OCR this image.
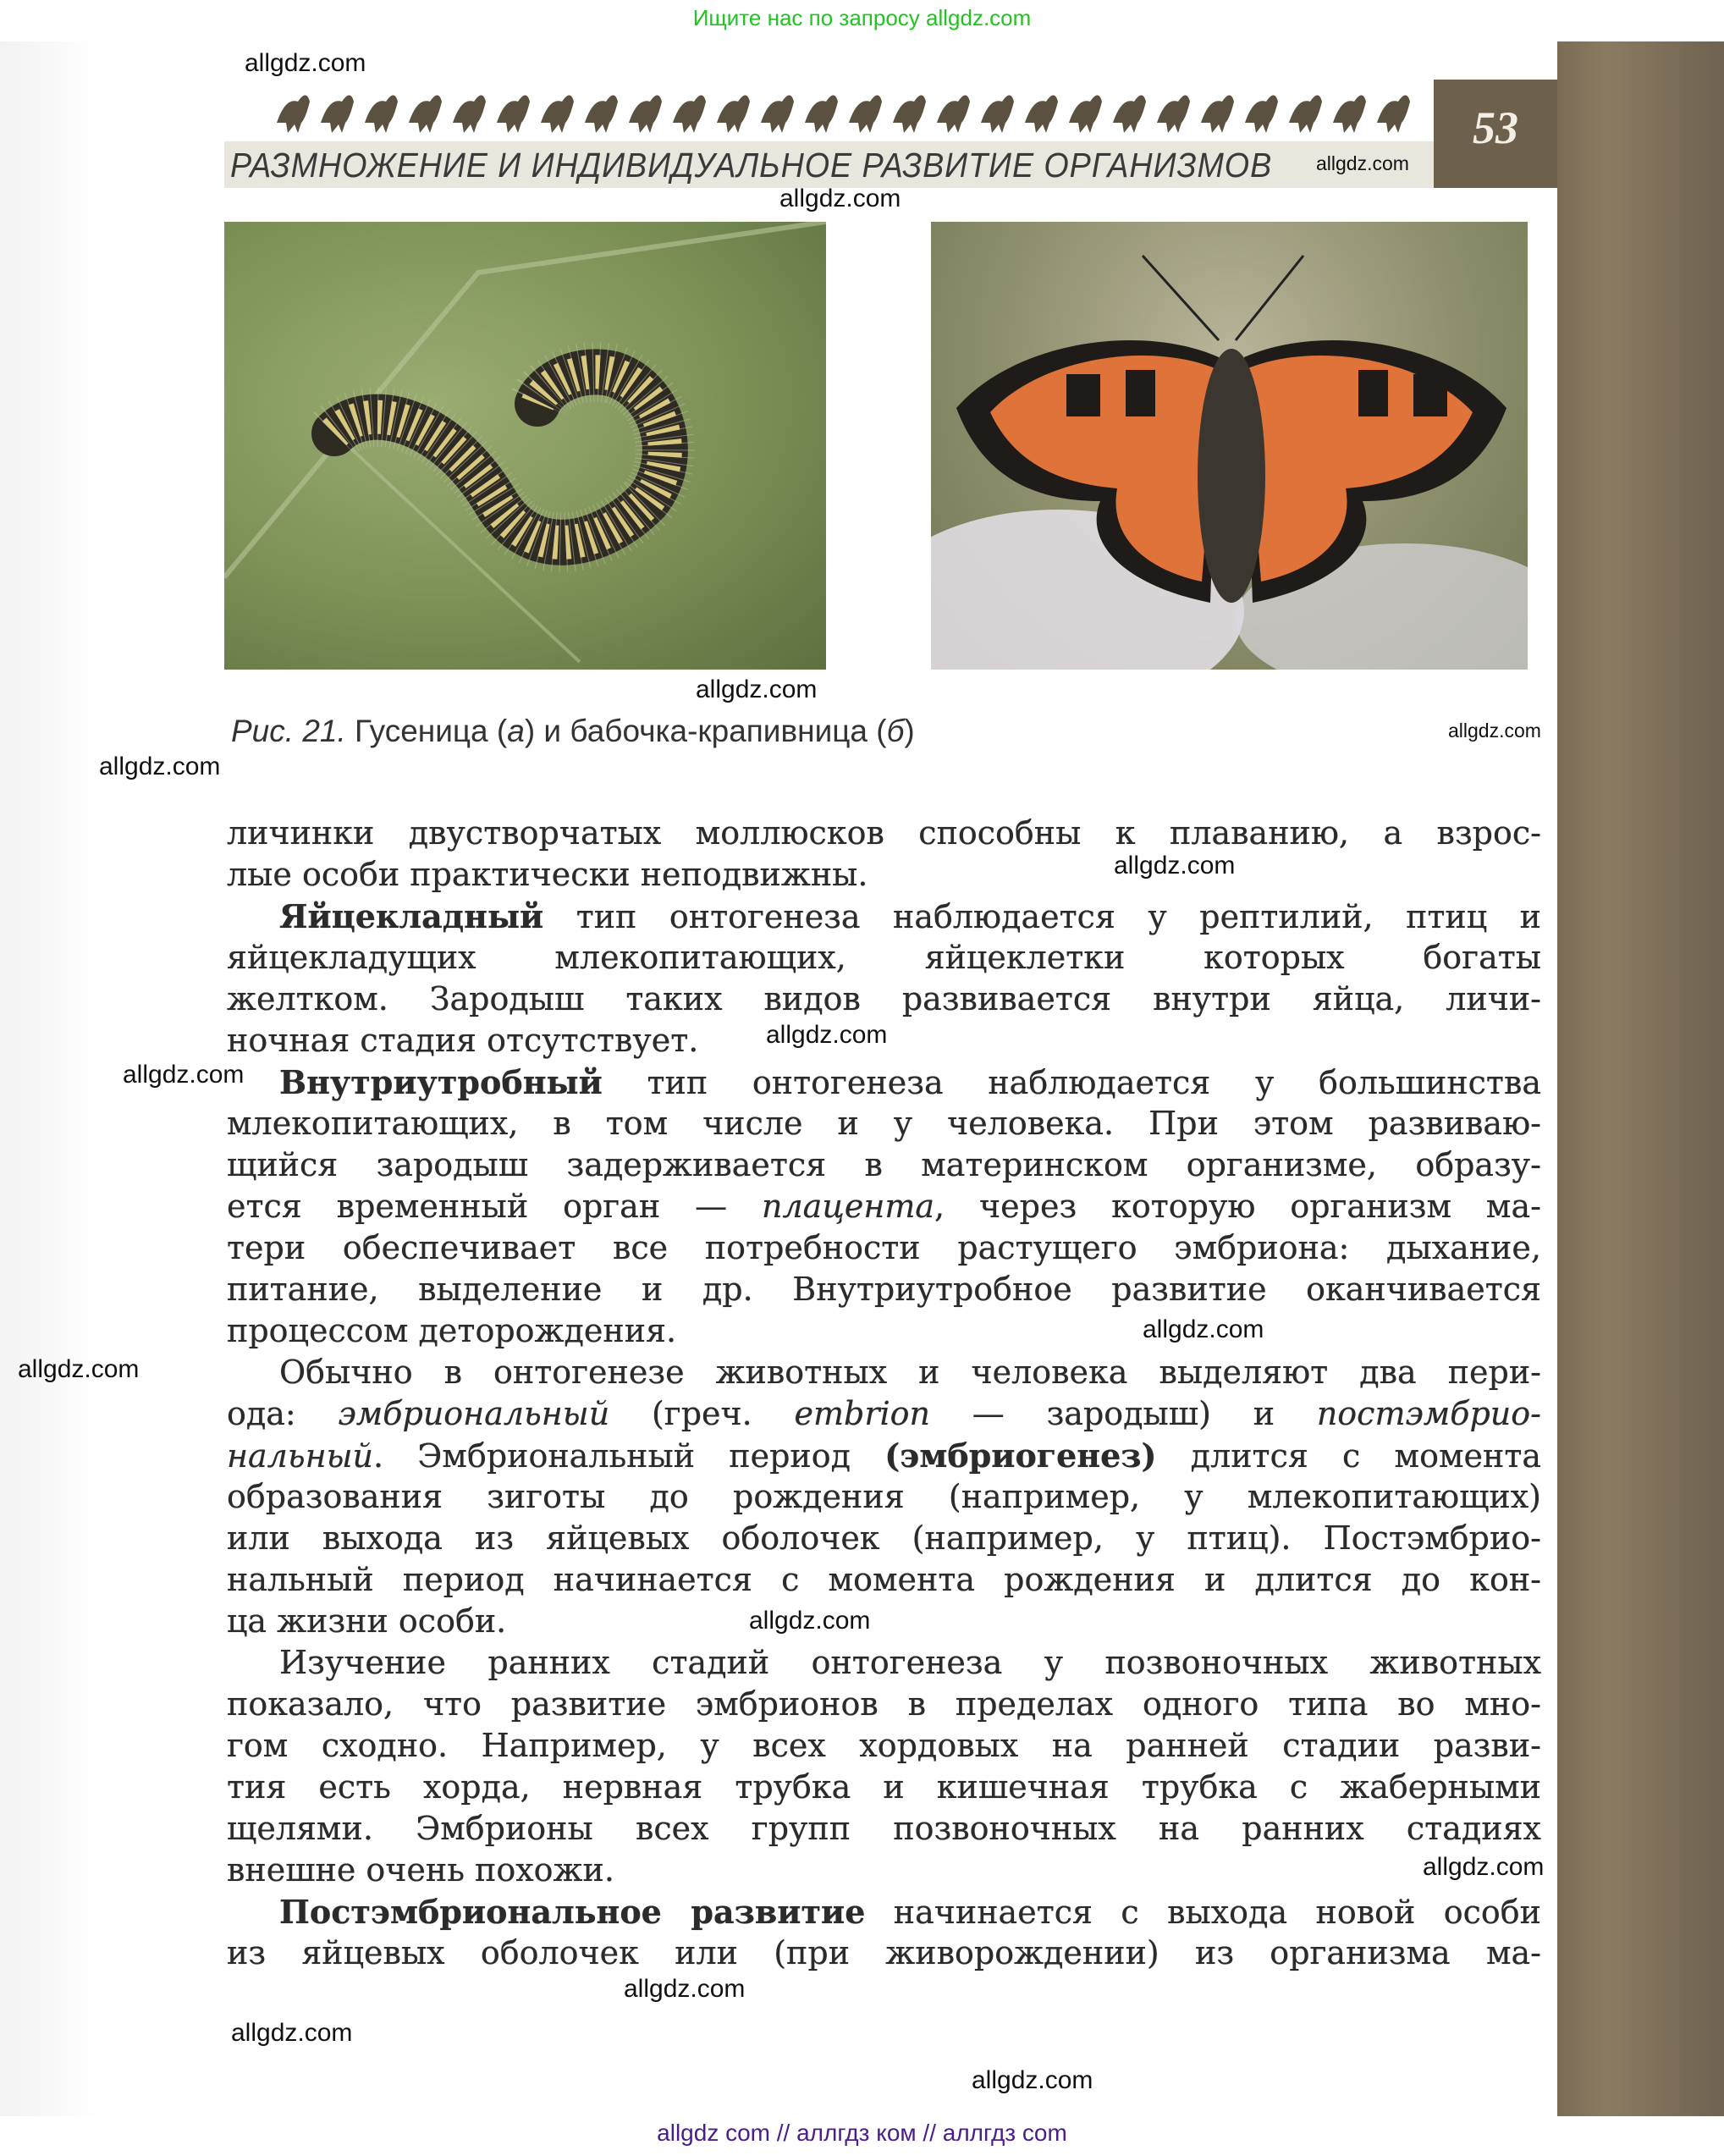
Ищите нас по запросу allgdz.com
53
РАЗМНОЖЕНИЕ И ИНДИВИДУАЛЬНОЕ РАЗВИТИЕ ОРГАНИЗМОВ
Рис. 21. Гусеница (а) и бабочка-крапивница (б)
личинки двустворчатых моллюсков способны к плаванию, а взрос-
лые особи практически неподвижны.
Яйцекладный тип онтогенеза наблюдается у рептилий, птиц и
яйцекладущих млекопитающих, яйцеклетки которых богаты
желтком. Зародыш таких видов развивается внутри яйца, личи-
ночная стадия отсутствует.
Внутриутробный тип онтогенеза наблюдается у большинства
млекопитающих, в том числе и у человека. При этом развиваю-
щийся зародыш задерживается в материнском организме, образу-
ется временный орган — плацента, через которую организм ма-
тери обеспечивает все потребности растущего эмбриона: дыхание,
питание, выделение и др. Внутриутробное развитие оканчивается
процессом деторождения.
Обычно в онтогенезе животных и человека выделяют два пери-
ода: эмбриональный (греч. embrion — зародыш) и постэмбрио-
нальный. Эмбриональный период (эмбриогенез) длится с момента
образования зиготы до рождения (например, у млекопитающих)
или выхода из яйцевых оболочек (например, у птиц). Постэмбрио-
нальный период начинается с момента рождения и длится до кон-
ца жизни особи.
Изучение ранних стадий онтогенеза у позвоночных животных
показало, что развитие эмбрионов в пределах одного типа во мно-
гом сходно. Например, у всех хордовых на ранней стадии разви-
тия есть хорда, нервная трубка и кишечная трубка с жаберными
щелями. Эмбрионы всех групп позвоночных на ранних стадиях
внешне очень похожи.
Постэмбриональное развитие начинается с выхода новой особи
из яйцевых оболочек или (при живорождении) из организма ма-
allgdz.com
allgdz.com
allgdz.com
allgdz.com
allgdz.com
allgdz.com
allgdz.com
allgdz.com
allgdz.com
allgdz.com
allgdz.com
allgdz.com
allgdz.com
allgdz.com
allgdz.com
allgdz.com
allgdz com // аллгдз ком // аллгдз com
